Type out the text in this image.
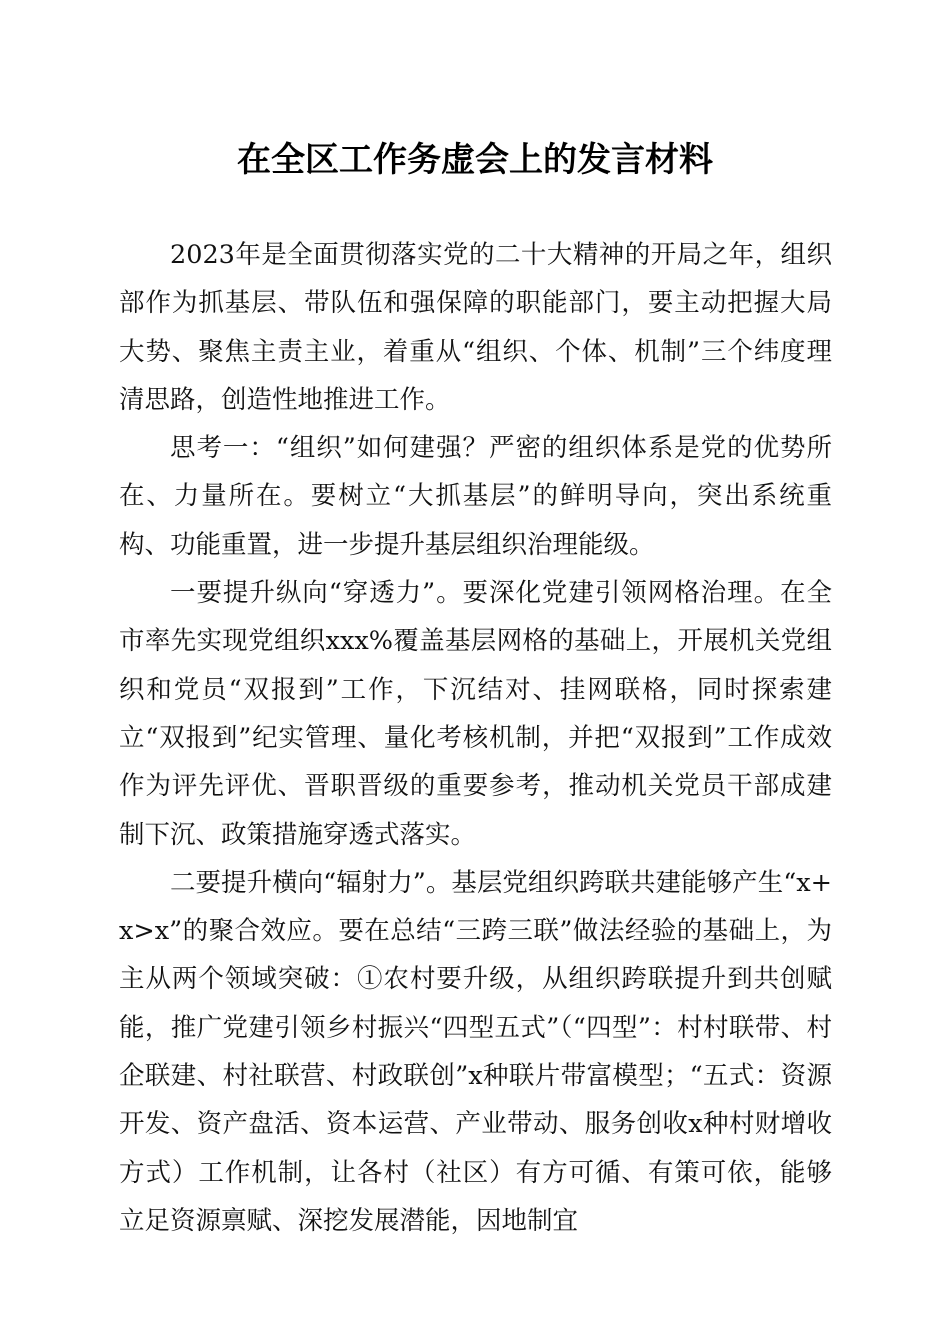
在全区工作务虚会上的发言材料

2023年是全面贯彻落实党的二十大精神的开局之年，组织部作为抓基层、带队伍和强保障的职能部门，要主动把握大局大势、聚焦主责主业，着重从“组织、个体、机制”三个纬度理清思路，创造性地推进工作。

思考一：“组织”如何建强？严密的组织体系是党的优势所在、力量所在。要树立“大抓基层”的鲜明导向，突出系统重构、功能重置，进一步提升基层组织治理能级。

一要提升纵向“穿透力”。要深化党建引领网格治理。在全市率先实现党组织xxx%覆盖基层网格的基础上，开展机关党组织和党员“双报到”工作，下沉结对、挂网联格，同时探索建立“双报到”纪实管理、量化考核机制，并把“双报到”工作成效作为评先评优、晋职晋级的重要参考，推动机关党员干部成建制下沉、政策措施穿透式落实。

二要提升横向“辐射力”。基层党组织跨联共建能够产生“x+x>x”的聚合效应。要在总结“三跨三联”做法经验的基础上，为主从两个领域突破：①农村要升级，从组织跨联提升到共创赋能，推广党建引领乡村振兴“四型五式”（“四型”：村村联带、村企联建、村社联营、村政联创”x种联片带富模型；“五式：资源开发、资产盘活、资本运营、产业带动、服务创收x种村财增收方式）工作机制，让各村（社区）有方可循、有策可依，能够立足资源禀赋、深挖发展潜能，因地制宜
